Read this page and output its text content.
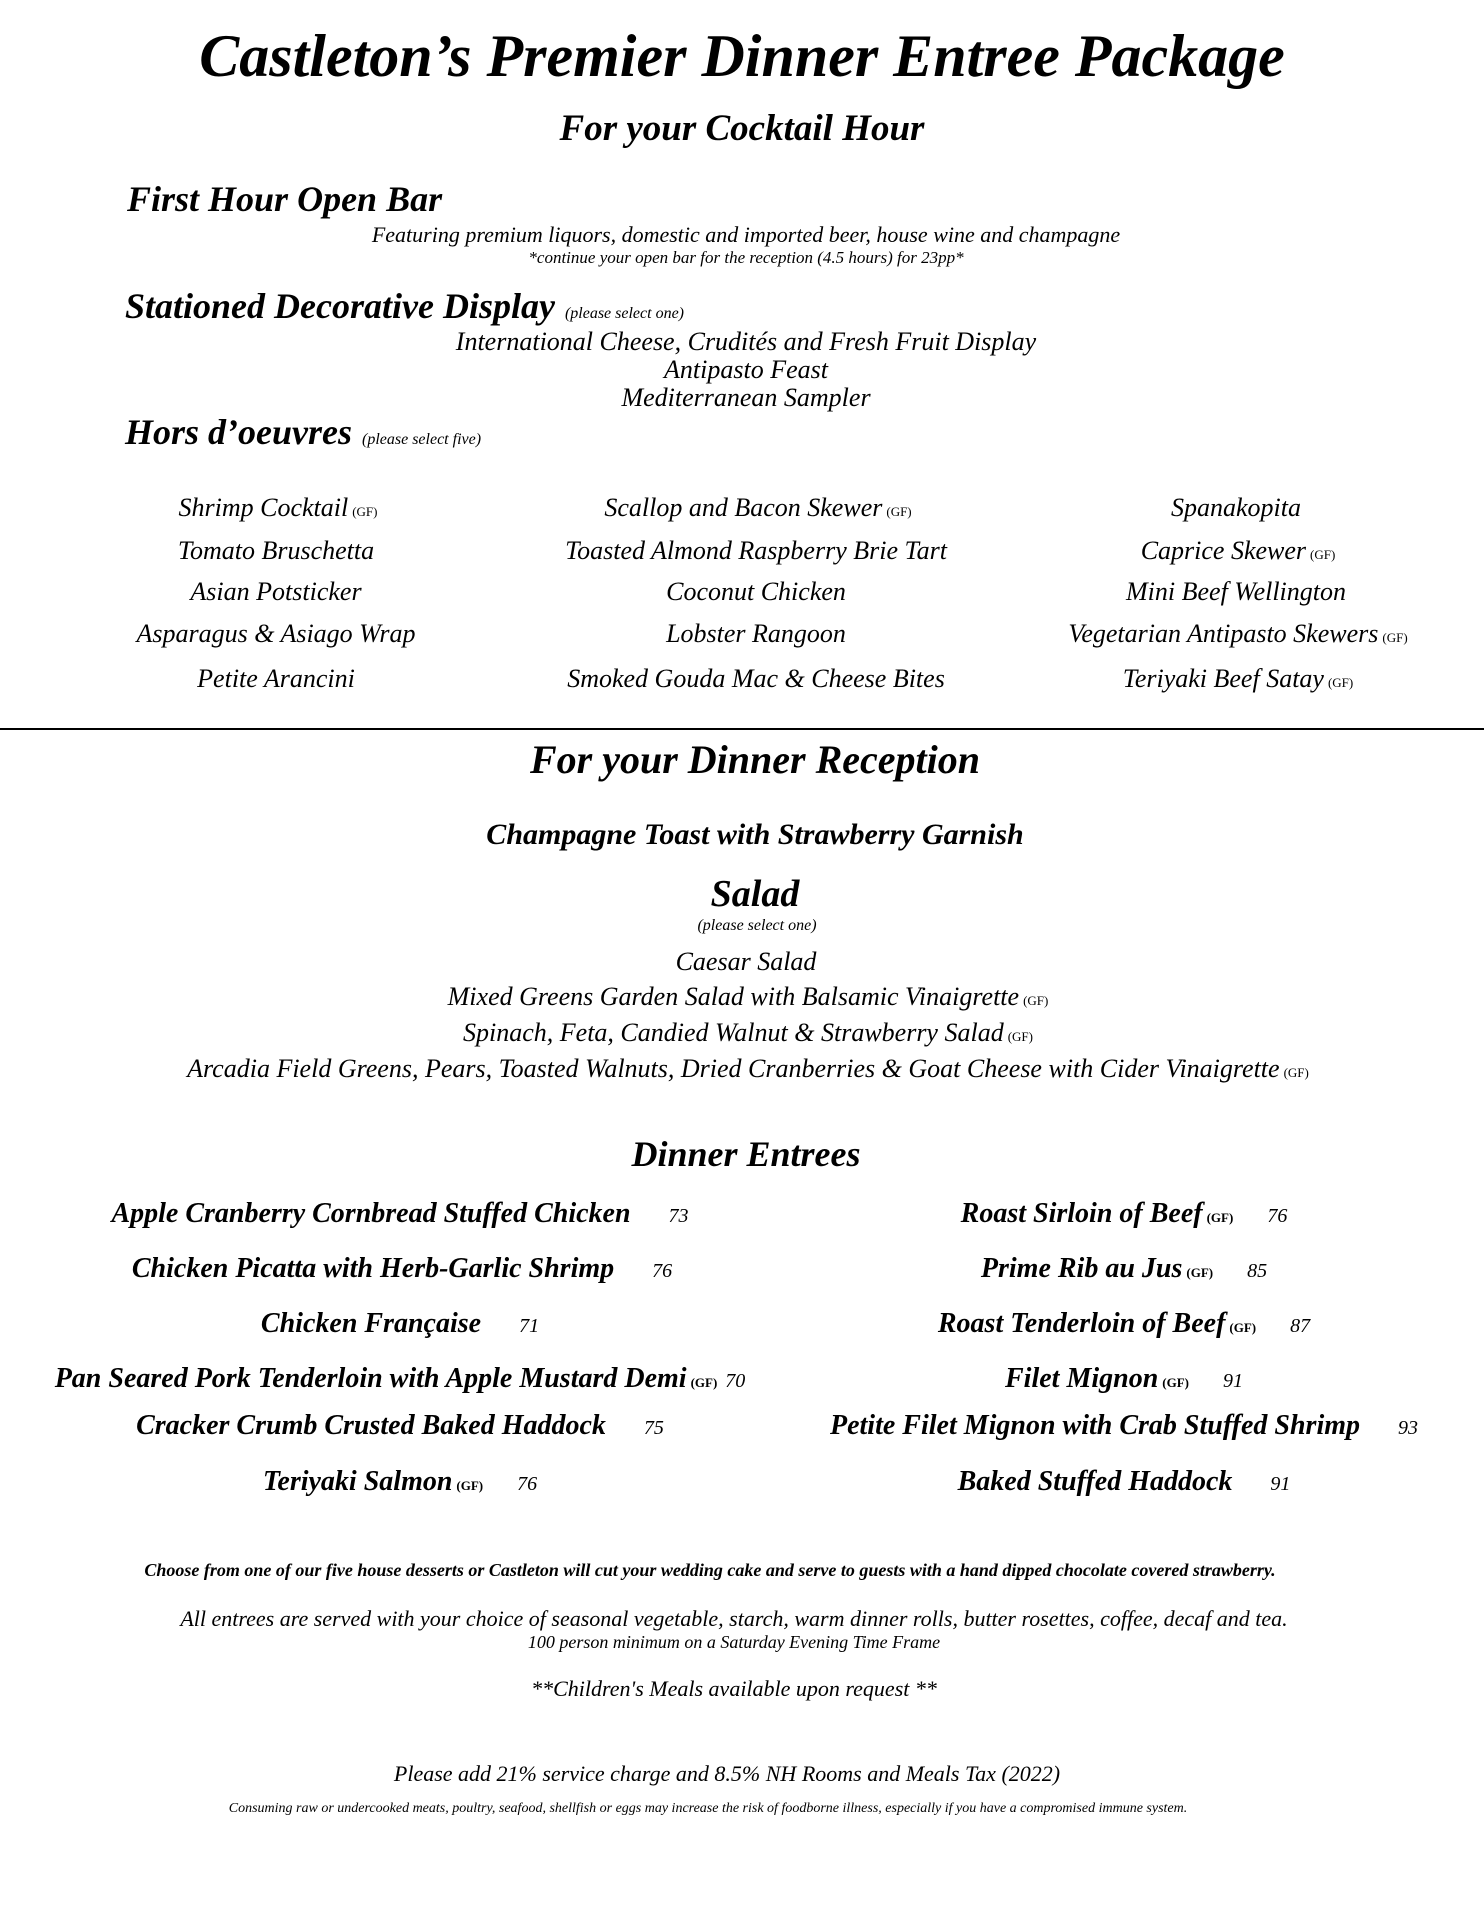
Castleton’s Premier Dinner Entree Package
For your Cocktail Hour
First Hour Open Bar
Featuring premium liquors, domestic and imported beer, house wine and champagne
*continue your open bar for the reception (4.5 hours) for 23pp*
Stationed Decorative Display (please select one)
International Cheese, Crudités and Fresh Fruit Display
Antipasto Feast
Mediterranean Sampler
Hors d’oeuvres (please select five)
Shrimp Cocktail (GF)
Tomato Bruschetta
Asian Potsticker
Asparagus & Asiago Wrap
Petite Arancini
Scallop and Bacon Skewer (GF)
Toasted Almond Raspberry Brie Tart
Coconut Chicken
Lobster Rangoon
Smoked Gouda Mac & Cheese Bites
Spanakopita
Caprice Skewer (GF)
Mini Beef Wellington
Vegetarian Antipasto Skewers (GF)
Teriyaki Beef Satay (GF)
For your Dinner Reception
Champagne Toast with Strawberry Garnish
Salad
(please select one)
Caesar Salad
Mixed Greens Garden Salad with Balsamic Vinaigrette (GF)
Spinach, Feta, Candied Walnut & Strawberry Salad (GF)
Arcadia Field Greens, Pears, Toasted Walnuts, Dried Cranberries & Goat Cheese with Cider Vinaigrette (GF)
Dinner Entrees
Apple Cranberry Cornbread Stuffed Chicken 73
Chicken Picatta with Herb-Garlic Shrimp 76
Chicken Française 71
Pan Seared Pork Tenderloin with Apple Mustard Demi (GF) 70
Cracker Crumb Crusted Baked Haddock 75
Teriyaki Salmon (GF) 76
Roast Sirloin of Beef (GF) 76
Prime Rib au Jus (GF) 85
Roast Tenderloin of Beef (GF) 87
Filet Mignon (GF) 91
Petite Filet Mignon with Crab Stuffed Shrimp 93
Baked Stuffed Haddock 91
Choose from one of our five house desserts or Castleton will cut your wedding cake and serve to guests with a hand dipped chocolate covered strawberry.
All entrees are served with your choice of seasonal vegetable, starch, warm dinner rolls, butter rosettes, coffee, decaf and tea.
100 person minimum on a Saturday Evening Time Frame
**Children's Meals available upon request **
Please add 21% service charge and 8.5% NH Rooms and Meals Tax (2022)
Consuming raw or undercooked meats, poultry, seafood, shellfish or eggs may increase the risk of foodborne illness, especially if you have a compromised immune system.
